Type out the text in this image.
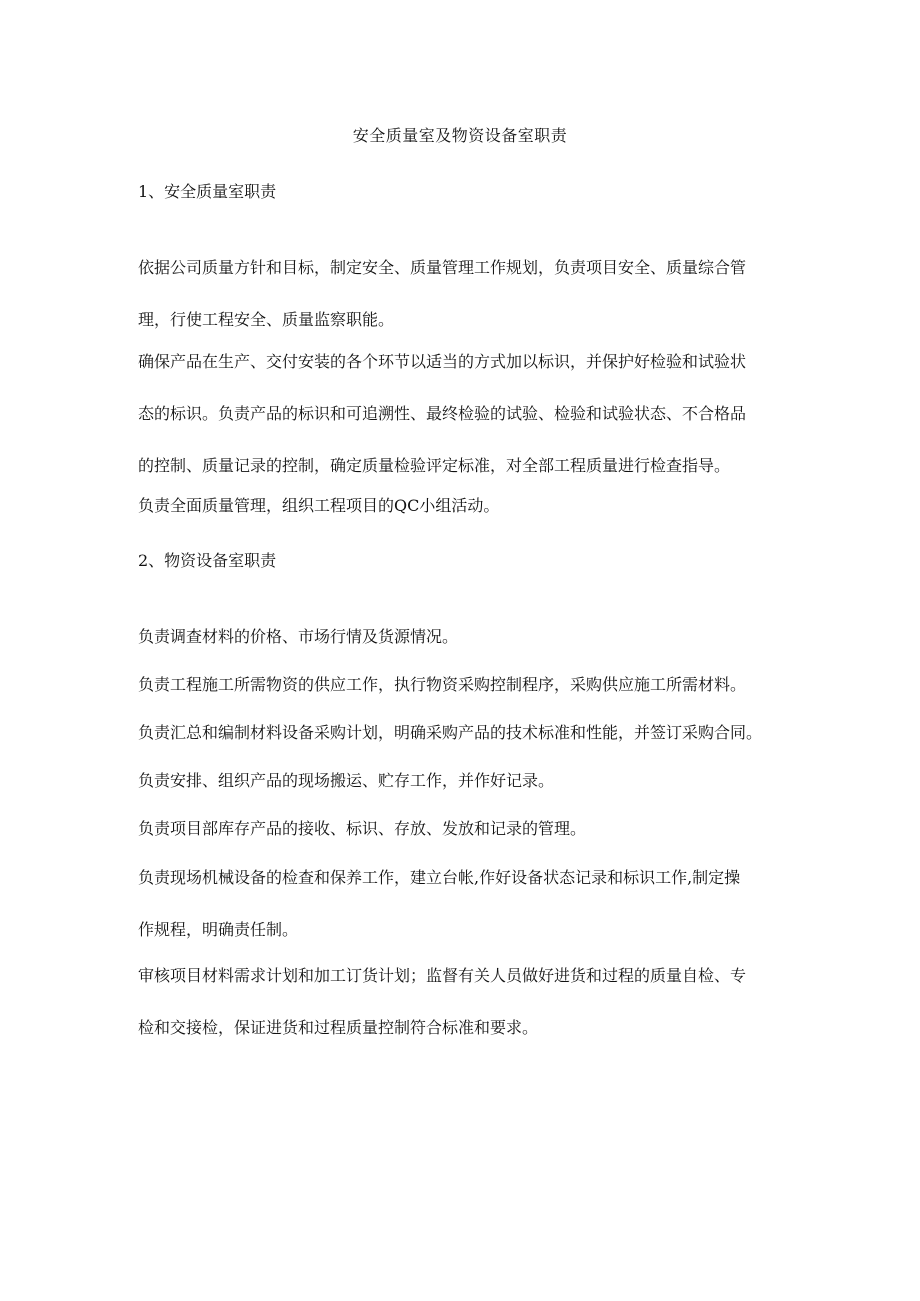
安全质量室及物资设备室职责
1、安全质量室职责

依据公司质量方针和目标，制定安全、质量管理工作规划，负责项目安全、质量综合管
理，行使工程安全、质量监察职能。

确保产品在生产、交付安装的各个环节以适当的方式加以标识，并保护好检验和试验状
态的标识。负责产品的标识和可追溯性、最终检验的试验、检验和试验状态、不合格品
的控制、质量记录的控制，确定质量检验评定标准，对全部工程质量进行检查指导。

负责全面质量管理，组织工程项目的QC小组活动。

2、物资设备室职责

负责调查材料的价格、市场行情及货源情况。

负责工程施工所需物资的供应工作，执行物资采购控制程序，采购供应施工所需材料。

负责汇总和编制材料设备采购计划，明确采购产品的技术标准和性能，并签订采购合同。

负责安排、组织产品的现场搬运、贮存工作，并作好记录。

负责项目部库存产品的接收、标识、存放、发放和记录的管理。

负责现场机械设备的检查和保养工作，建立台帐,作好设备状态记录和标识工作,制定操
作规程，明确责任制。

审核项目材料需求计划和加工订货计划；监督有关人员做好进货和过程的质量自检、专
检和交接检，保证进货和过程质量控制符合标准和要求。
